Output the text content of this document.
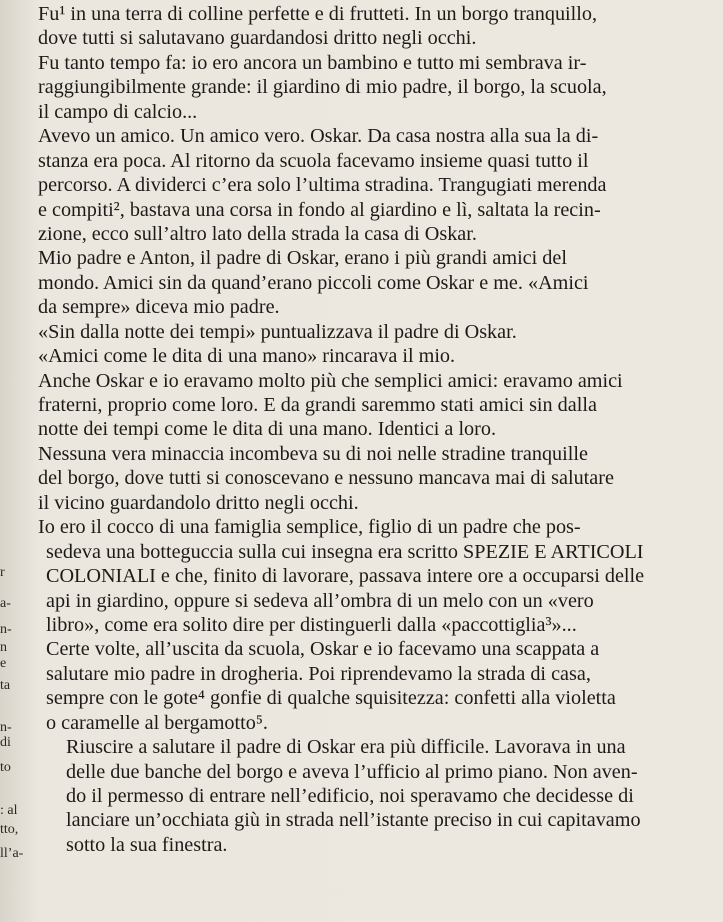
r
a-
n-
n
e
ta
n-
di
to
: al
tto,
ll’a-
Fu¹ in una terra di colline perfette e di frutteti. In un borgo tranquillo,
dove tutti si salutavano guardandosi dritto negli occhi.
Fu tanto tempo fa: io ero ancora un bambino e tutto mi sembrava ir-
raggiungibilmente grande: il giardino di mio padre, il borgo, la scuola,
il campo di calcio...
Avevo un amico. Un amico vero. Oskar. Da casa nostra alla sua la di-
stanza era poca. Al ritorno da scuola facevamo insieme quasi tutto il
percorso. A dividerci c’era solo l’ultima stradina. Trangugiati merenda
e compiti², bastava una corsa in fondo al giardino e lì, saltata la recin-
zione, ecco sull’altro lato della strada la casa di Oskar.
Mio padre e Anton, il padre di Oskar, erano i più grandi amici del
mondo. Amici sin da quand’erano piccoli come Oskar e me. «Amici
da sempre» diceva mio padre.
«Sin dalla notte dei tempi» puntualizzava il padre di Oskar.
«Amici come le dita di una mano» rincarava il mio.
Anche Oskar e io eravamo molto più che semplici amici: eravamo amici
fraterni, proprio come loro. E da grandi saremmo stati amici sin dalla
notte dei tempi come le dita di una mano. Identici a loro.
Nessuna vera minaccia incombeva su di noi nelle stradine tranquille
del borgo, dove tutti si conoscevano e nessuno mancava mai di salutare
il vicino guardandolo dritto negli occhi.
Io ero il cocco di una famiglia semplice, figlio di un padre che pos-
sedeva una botteguccia sulla cui insegna era scritto SPEZIE E ARTICOLI
COLONIALI e che, finito di lavorare, passava intere ore a occuparsi delle
api in giardino, oppure si sedeva all’ombra di un melo con un «vero
libro», come era solito dire per distinguerli dalla «paccottiglia³»...
Certe volte, all’uscita da scuola, Oskar e io facevamo una scappata a
salutare mio padre in drogheria. Poi riprendevamo la strada di casa,
sempre con le gote⁴ gonfie di qualche squisitezza: confetti alla violetta
o caramelle al bergamotto⁵.
Riuscire a salutare il padre di Oskar era più difficile. Lavorava in una
delle due banche del borgo e aveva l’ufficio al primo piano. Non aven-
do il permesso di entrare nell’edificio, noi speravamo che decidesse di
lanciare un’occhiata giù in strada nell’istante preciso in cui capitavamo
sotto la sua finestra.
